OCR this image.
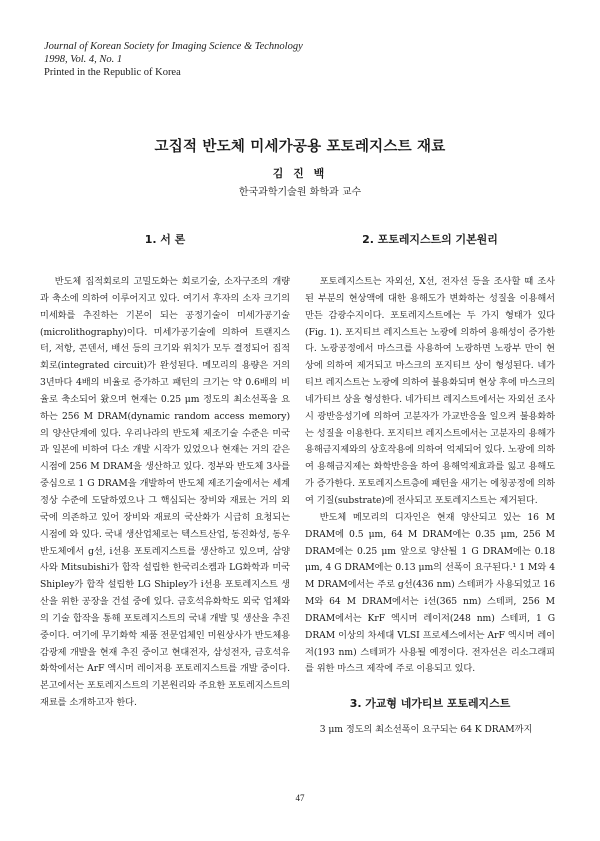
Journal of Korean Society for Imaging Science & Technology
1998, Vol. 4, No. 1
Printed in the Republic of Korea
고집적 반도체 미세가공용 포토레지스트 재료
김 진 백
한국과학기술원 화학과 교수
1. 서 론

반도체 집적회로의 고밀도화는 회로기술, 소자구조의 개량과 축소에 의하여 이루어지고 있다. 여기서 후자의 소자 크기의 미세화를 추진하는 기본이 되는 공정기술이 미세가공기술(microlithography)이다. 미세가공기술에 의하여 트랜지스터, 저항, 콘덴서, 배선 등의 크기와 위치가 모두 결정되어 집적회로(integrated circuit)가 완성된다. 메모리의 용량은 거의 3년마다 4배의 비율로 증가하고 패턴의 크기는 약 0.6배의 비율로 축소되어 왔으며 현재는 0.25 μm 정도의 최소선폭을 요하는 256 M DRAM(dynamic random access memory)의 양산단계에 있다. 우리나라의 반도체 제조기술 수준은 미국과 일본에 비하여 다소 개발 시작가 있었으나 현재는 거의 같은 시점에 256 M DRAM을 생산하고 있다. 정부와 반도체 3사를 중심으로 1 G DRAM을 개발하여 반도체 제조기술에서는 세계정상 수준에 도달하였으나 그 핵심되는 장비와 재료는 거의 외국에 의존하고 있어 장비와 재료의 국산화가 시급히 요청되는 시점에 와 있다. 국내 생산업체로는 텍스트산업, 동진화성, 동우반도체에서 g선, i선용 포토레지스트를 생산하고 있으며, 삼양사와 Mitsubishi가 합작 설립한 한국리소켐과 LG화학과 미국 Shipley가 합작 설립한 LG Shipley가 i선용 포토레지스트 생산을 위한 공장을 건설 중에 있다. 금호석유화학도 외국 업체와의 기술 합작을 통해 포토레지스트의 국내 개발 및 생산을 추진 중이다. 여기에 무기화학 제품 전문업체인 미원상사가 반도체용 감광제 개발을 현재 추진 중이고 현대전자, 삼성전자, 금호석유화학에서는 ArF 엑시머 레이저용 포토레지스트를 개발 중이다. 본고에서는 포토레지스트의 기본원리와 주요한 포토레지스트의 재료를 소개하고자 한다.

2. 포토레지스트의 기본원리

포토레지스트는 자외선, X선, 전자선 등을 조사할 때 조사된 부분의 현상액에 대한 용해도가 변화하는 성질을 이용해서 만든 감광수지이다. 포토레지스트에는 두 가지 형태가 있다(Fig. 1). 포지티브 레지스트는 노광에 의하여 용해성이 증가한다. 노광공정에서 마스크를 사용하여 노광하면 노광부 만이 현상에 의하여 제거되고 마스크의 포지티브 상이 형성된다. 네가티브 레지스트는 노광에 의하여 불용화되며 현상 후에 마스크의 네가티브 상을 형성한다. 네가티브 레지스트에서는 자외선 조사시 광반응성기에 의하여 고분자가 가교반응을 일으켜 불용화하는 성질을 이용한다. 포지티브 레지스트에서는 고분자의 용해가 용해금지제와의 상호작용에 의하여 억제되어 있다. 노광에 의하여 용해금지제는 화학반응을 하여 용해억제효과를 잃고 용해도가 증가한다. 포토레지스트층에 패턴을 새기는 에칭공정에 의하여 기질(substrate)에 전사되고 포토레지스트는 제거된다.

반도체 메모리의 디자인은 현재 양산되고 있는 16 M DRAM에 0.5 μm, 64 M DRAM에는 0.35 μm, 256 M DRAM에는 0.25 μm 앞으로 양산될 1 G DRAM에는 0.18 μm, 4 G DRAM에는 0.13 μm의 선폭이 요구된다.¹ 1 M와 4 M DRAM에서는 주로 g선(436 nm) 스테퍼가 사용되었고 16 M와 64 M DRAM에서는 i선(365 nm) 스테퍼, 256 M DRAM에서는 KrF 엑시머 레이저(248 nm) 스테퍼, 1 G DRAM 이상의 차세대 VLSI 프로세스에서는 ArF 엑시머 레이저(193 nm) 스테퍼가 사용될 예정이다. 전자선은 리소그래피를 위한 마스크 제작에 주로 이용되고 있다.

3. 가교형 네가티브 포토레지스트

3 μm 정도의 최소선폭이 요구되는 64 K DRAM까지

47
